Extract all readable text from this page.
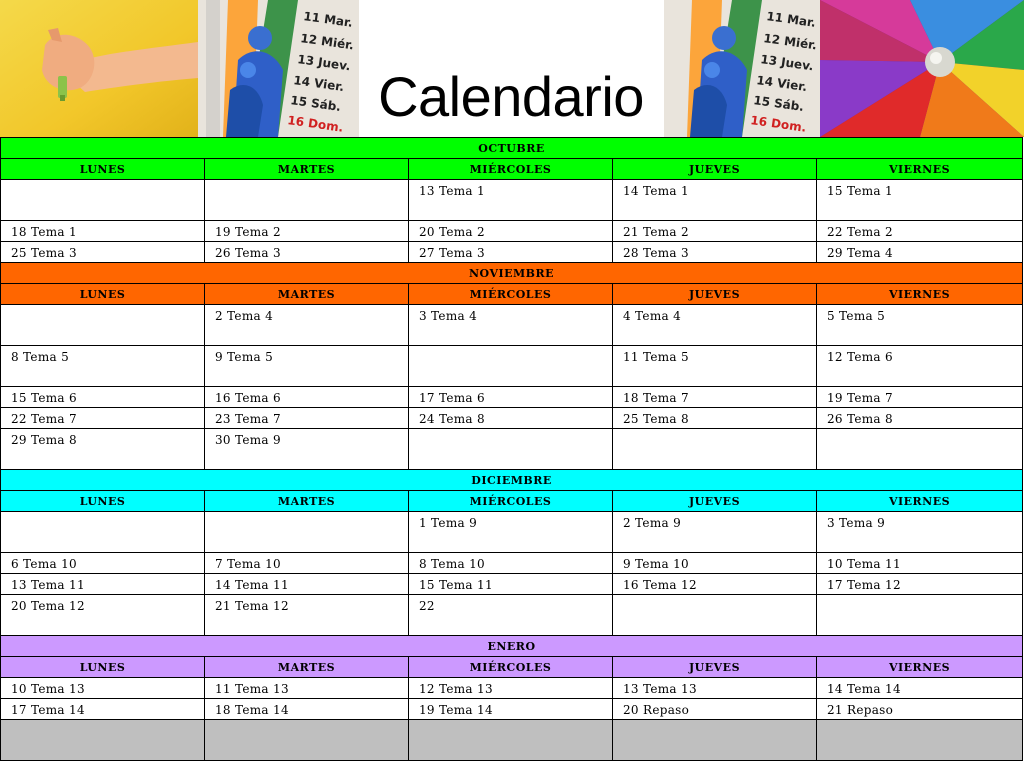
11 Mar.
12 Miér.
13 Juev.
14 Vier.
15 Sáb.
16 Dom. Calendario
11 Mar.
12 Miér.
13 Juev.
14 Vier.
15 Sáb.
16 Dom.
OCTUBRE				
LUNES	MARTES	MIÉRCOLES	JUEVES	VIERNES
		13 Tema 1	14 Tema 1	15 Tema 1
18 Tema 1	19 Tema 2	20 Tema 2	21 Tema 2	22 Tema 2
25 Tema 3	26 Tema 3	27 Tema 3	28 Tema 3	29 Tema 4
NOVIEMBRE				
LUNES	MARTES	MIÉRCOLES	JUEVES	VIERNES
	2 Tema 4	3 Tema 4	4 Tema 4	5 Tema 5
8 Tema 5	9 Tema 5		11 Tema 5	12 Tema 6
15 Tema 6	16 Tema 6	17 Tema 6	18 Tema 7	19 Tema 7
22 Tema 7	23 Tema 7	24 Tema 8	25 Tema 8	26 Tema 8
29 Tema 8	30 Tema 9			
DICIEMBRE				
LUNES	MARTES	MIÉRCOLES	JUEVES	VIERNES
		1 Tema 9	2 Tema 9	3 Tema 9
6 Tema 10	7 Tema 10	8 Tema 10	9 Tema 10	10 Tema 11
13 Tema 11	14 Tema 11	15 Tema 11	16 Tema 12	17 Tema 12
20 Tema 12	21 Tema 12	22		
ENERO				
LUNES	MARTES	MIÉRCOLES	JUEVES	VIERNES
10 Tema 13	11 Tema 13	12 Tema 13	13 Tema 13	14 Tema 14
17 Tema 14	18 Tema 14	19 Tema 14	20 Repaso	21 Repaso
